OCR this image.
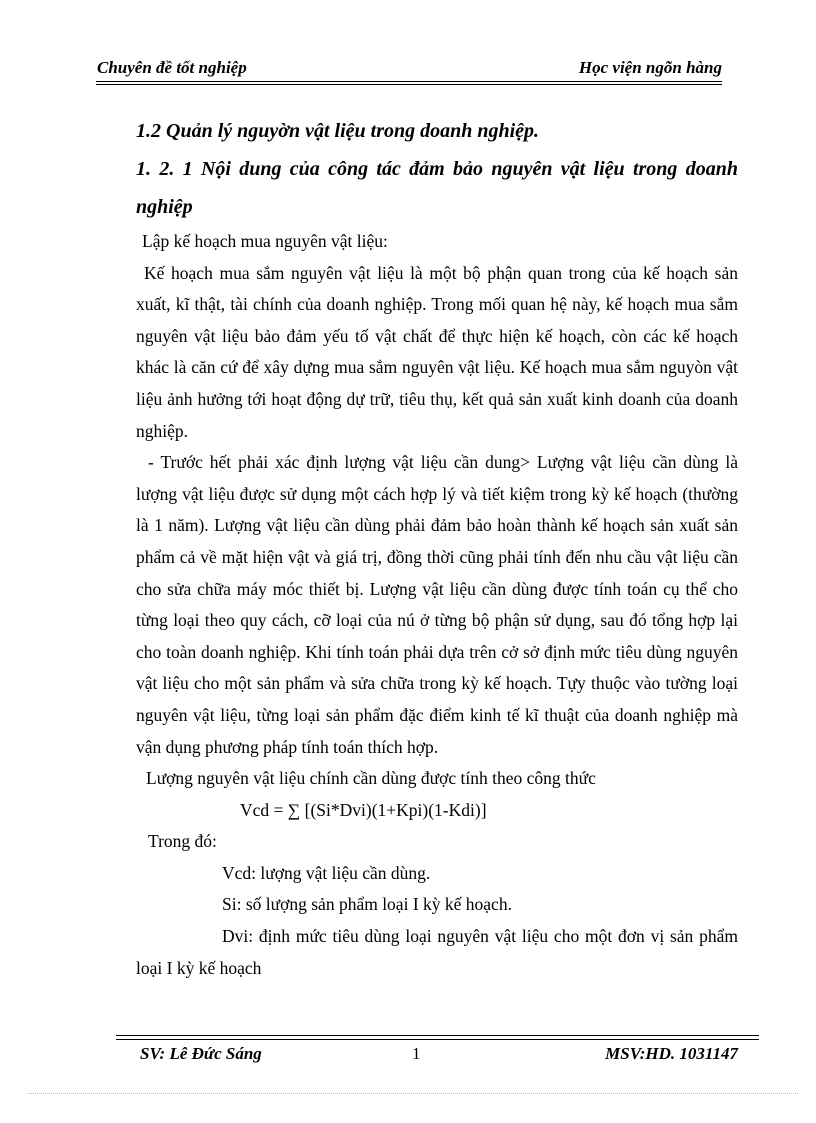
Chuyên đề tốt nghiệp	Học viện ngõn hàng

1.2 Quản lý nguyờn vật liệu trong doanh nghiệp.

1. 2. 1 Nội dung của công tác đảm bảo nguyên vật liệu trong doanh nghiệp

Lập kế hoạch mua nguyên vật liệu:

Kế hoạch mua sắm nguyên vật liệu là một bộ phận quan trong của kế hoạch sản xuất, kĩ thật, tài chính của doanh nghiệp. Trong mối quan hệ này, kế hoạch mua sắm nguyên vật liệu bảo đảm yếu tố vật chất để thực hiện kế hoạch, còn các kế hoạch khác là căn cứ để xây dựng mua sắm nguyên vật liệu. Kế hoạch mua sắm nguyòn vật liệu ảnh hưởng tới hoạt động dự trữ, tiêu thụ, kết quả sản xuất kinh doanh của doanh nghiệp.

- Trước hết phải xác định lượng vật liệu cần dung> Lượng vật liệu cần dùng là lượng vật liệu được sử dụng một cách hợp lý và tiết kiệm trong kỳ kế hoạch (thường là 1 năm). Lượng vật liệu cần dùng phải đảm bảo hoàn thành kế hoạch sản xuất sản phẩm cả về mặt hiện vật và giá trị, đồng thời cũng phải tính đến nhu cầu vật liệu cần cho sửa chữa máy móc thiết bị. Lượng vật liệu cần dùng được tính toán cụ thể cho từng loại theo quy cách, cỡ loại của nú ở từng bộ phận sử dụng, sau đó tổng hợp lại cho toàn doanh nghiệp. Khi tính toán phải dựa trên cở sở định mức tiêu dùng nguyên vật liệu cho một sản phẩm và sửa chữa trong kỳ kế hoạch. Tựy thuộc vào tường loại nguyên vật liệu, từng loại sản phẩm đặc điểm kinh tế kĩ thuật của doanh nghiệp mà vận dụng phương pháp tính toán thích hợp.

Lượng nguyên vật liệu chính cần dùng được tính theo công thức

Vcd = ∑ [(Si*Dvi)(1+Kpi)(1-Kdi)]

Trong đó:

Vcd: lượng vật liệu cần dùng.

Si: số lượng sản phẩm loại I kỳ kế hoạch.

Dvi: định mức tiêu dùng loại nguyên vật liệu cho một đơn vị sản phẩm loại I kỳ kế hoạch

SV: Lê Đức Sáng	1	MSV:HD. 1031147
